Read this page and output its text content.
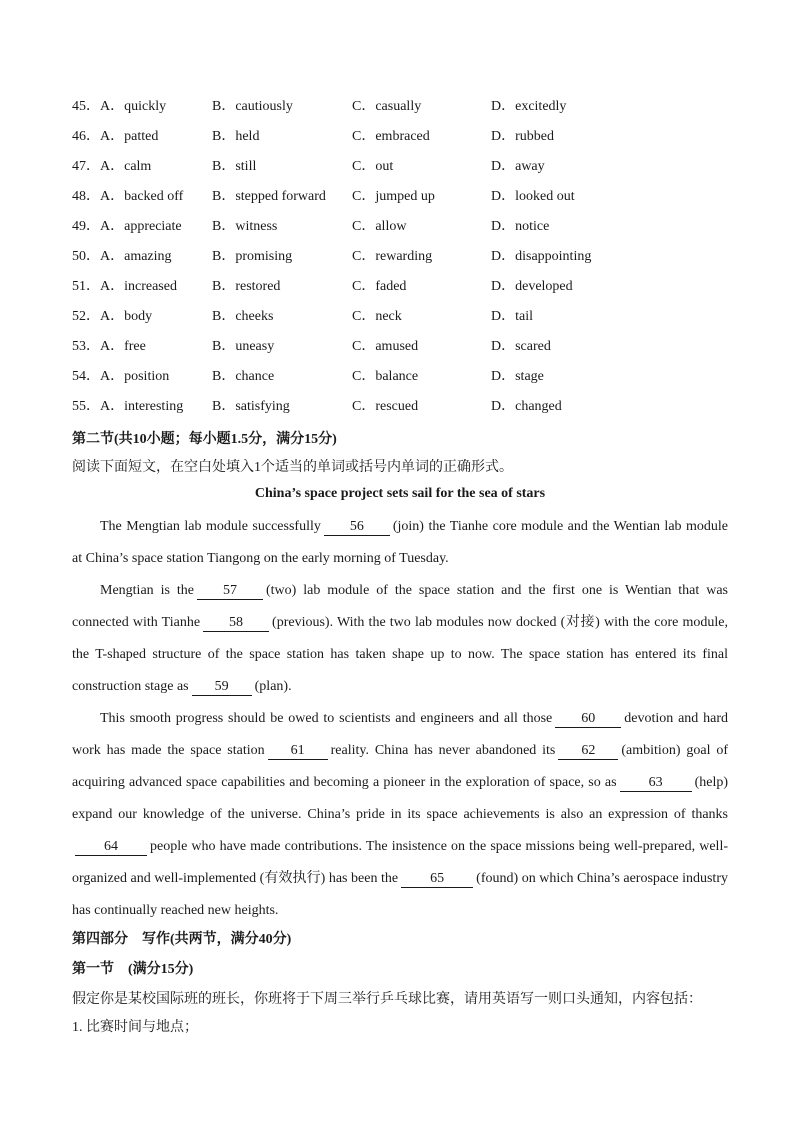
45． A．quickly	B．cautiously	C．casually	D．excitedly
46． A．patted	B．held	C．embraced	D．rubbed
47． A．calm	B．still	C．out	D．away
48． A．backed off B．stepped forward C．jumped up	D．looked out
49． A．appreciate B．witness	C．allow	D．notice
50． A．amazing	B．promising	C．rewarding	D．disappointing
51． A．increased	B．restored	C．faded	D．developed
52． A．body	B．cheeks	C．neck	D．tail
53． A．free	B．uneasy	C．amused	D．scared
54． A．position	B．chance	C．balance	D．stage
55． A．interesting B．satisfying	C．rescued	D．changed
第二节(共10小题；每小题1.5分，满分15分)
阅读下面短文，在空白处填入1个适当的单词或括号内单词的正确形式。
China’s space project sets sail for the sea of stars

The Mengtian lab module successfully 56 (join) the Tianhe core module and the Wentian lab module at China’s space station Tiangong on the early morning of Tuesday.

Mengtian is the 57 (two) lab module of the space station and the first one is Wentian that was connected with Tianhe 58 (previous). With the two lab modules now docked (对接) with the core module, the T-shaped structure of the space station has taken shape up to now. The space station has entered its final construction stage as 59 (plan).

This smooth progress should be owed to scientists and engineers and all those 60 devotion and hard work has made the space station 61 reality. China has never abandoned its 62 (ambition) goal of acquiring advanced space capabilities and becoming a pioneer in the exploration of space, so as 63 (help) expand our knowledge of the universe. China’s pride in its space achievements is also an expression of thanks64 people who have made contributions. The insistence on the space missions being well-prepared, well-organized and well-implemented (有效执行) has been the 65 (found) on which China’s aerospace industry has continually reached new heights.

第四部分　写作(共两节，满分40分)
第一节　(满分15分)
假定你是某校国际班的班长，你班将于下周三举行乒乓球比赛，请用英语写一则口头通知，内容包括：
1. 比赛时间与地点；
